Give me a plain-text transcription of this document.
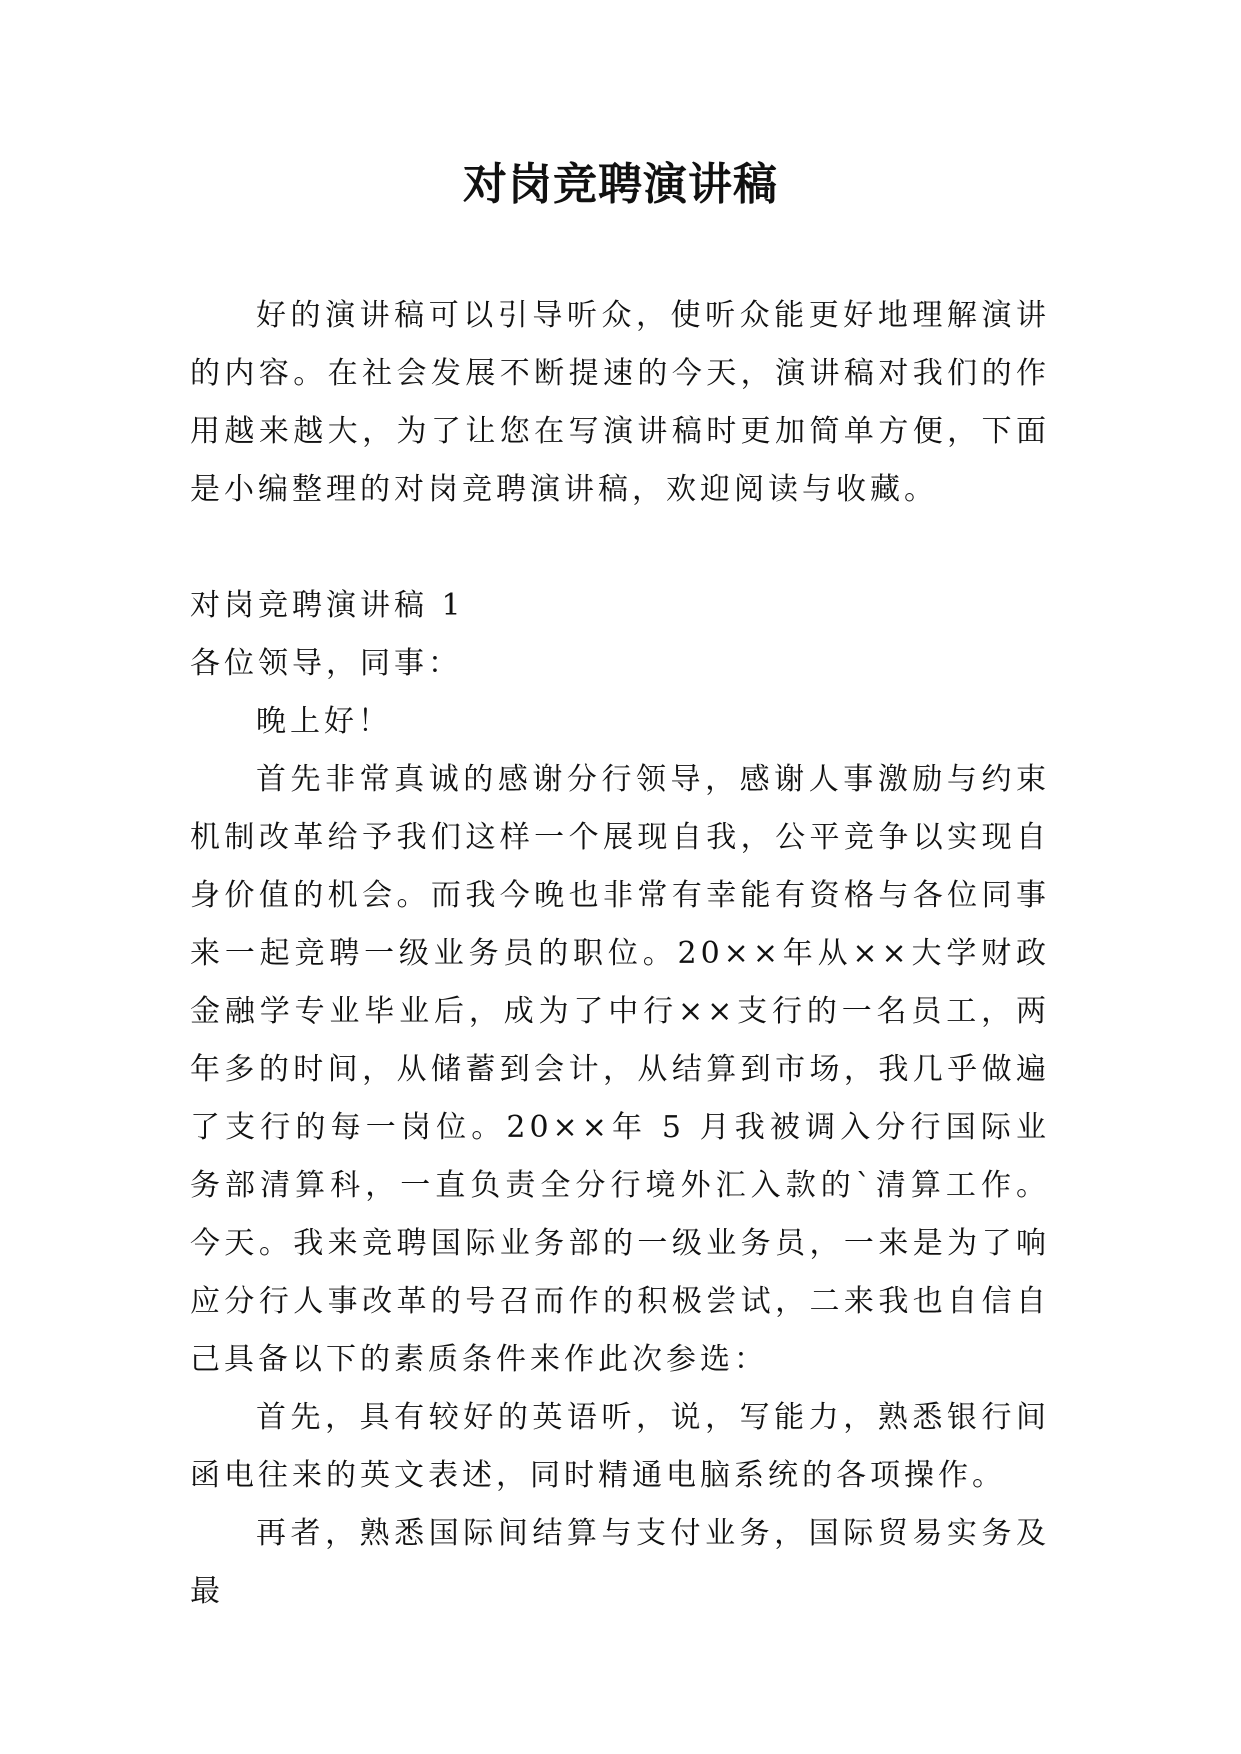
对岗竞聘演讲稿

好的演讲稿可以引导听众，使听众能更好地理解演讲的内容。在社会发展不断提速的今天，演讲稿对我们的作用越来越大，为了让您在写演讲稿时更加简单方便，下面是小编整理的对岗竞聘演讲稿，欢迎阅读与收藏。

对岗竞聘演讲稿 1

各位领导，同事：

晚上好！

首先非常真诚的感谢分行领导，感谢人事激励与约束机制改革给予我们这样一个展现自我，公平竞争以实现自身价值的机会。而我今晚也非常有幸能有资格与各位同事来一起竞聘一级业务员的职位。20××年从××大学财政金融学专业毕业后，成为了中行××支行的一名员工，两年多的时间，从储蓄到会计，从结算到市场，我几乎做遍了支行的每一岗位。20××年 5 月我被调入分行国际业务部清算科，一直负责全分行境外汇入款的`清算工作。今天。我来竞聘国际业务部的一级业务员，一来是为了响应分行人事改革的号召而作的积极尝试，二来我也自信自己具备以下的素质条件来作此次参选：

首先，具有较好的英语听，说，写能力，熟悉银行间函电往来的英文表述，同时精通电脑系统的各项操作。

再者，熟悉国际间结算与支付业务，国际贸易实务及最
